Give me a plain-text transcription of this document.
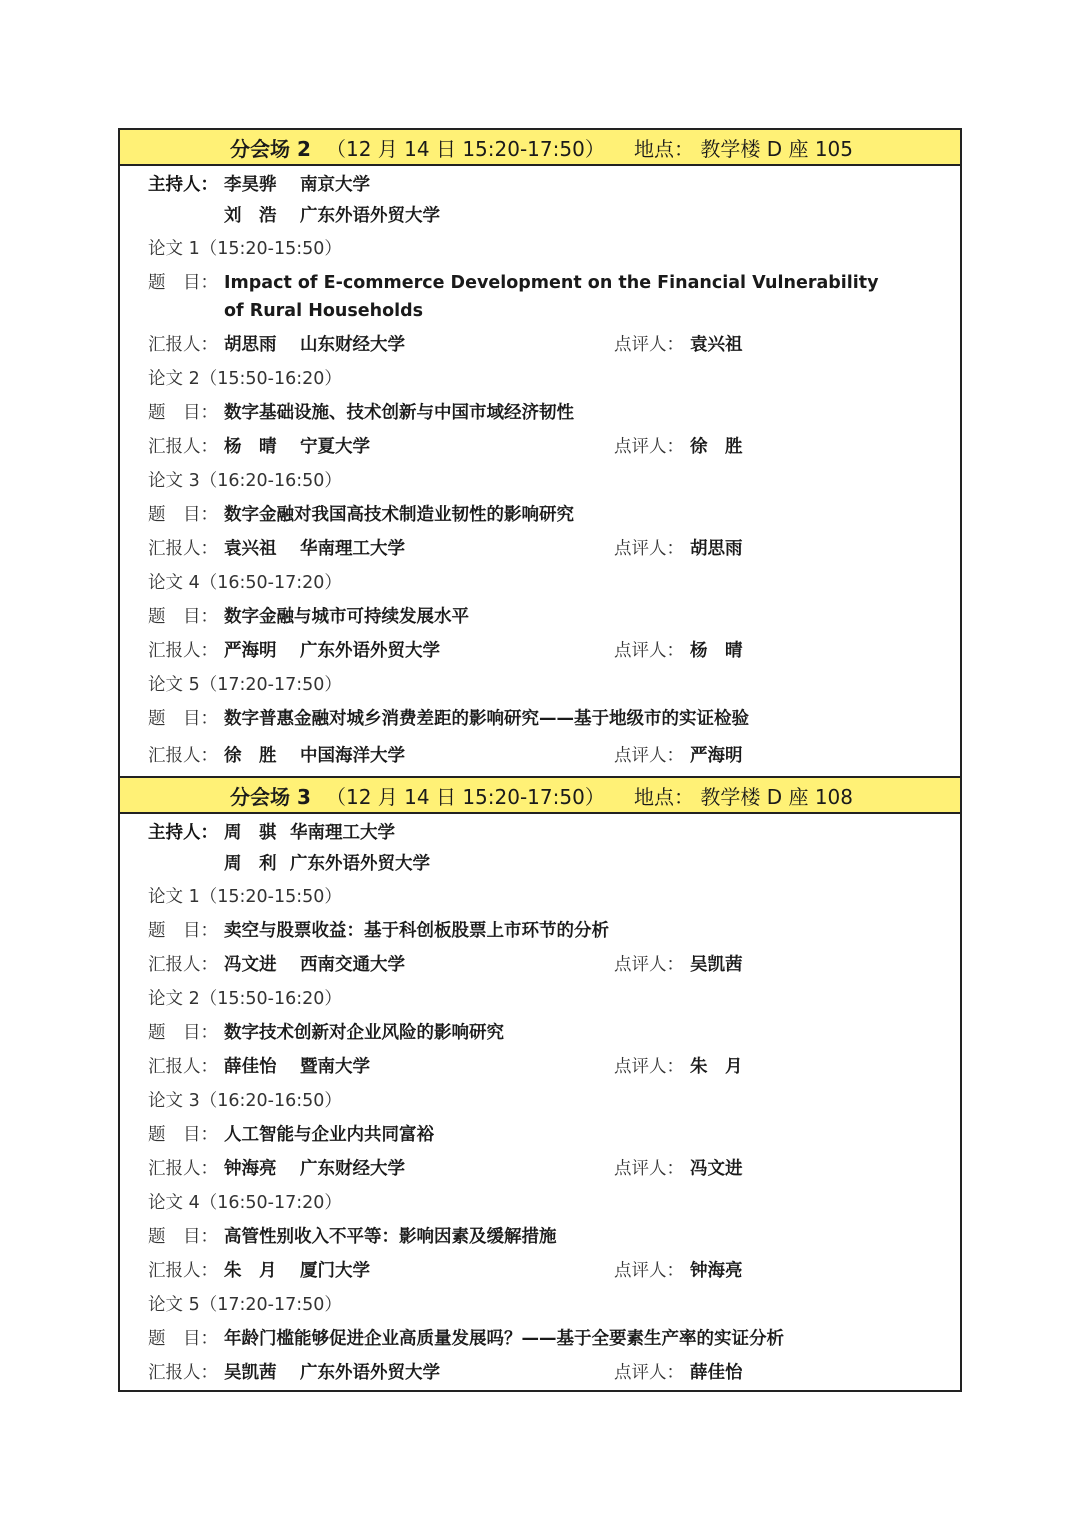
分会场 2 （12 月 14 日 15:20-17:50） 地点： 教学楼 D 座 105
主持人： 李昊骅 南京大学
刘　浩 广东外语外贸大学
论文 1（15:20-15:50）
题　目： Impact of E-commerce Development on the Financial Vulnerability of Rural Households
汇报人： 胡思雨 山东财经大学	点评人： 袁兴祖
论文 2（15:50-16:20）
题　目： 数字基础设施、技术创新与中国市域经济韧性
汇报人： 杨　晴 宁夏大学	点评人： 徐　胜
论文 3（16:20-16:50）
题　目： 数字金融对我国高技术制造业韧性的影响研究
汇报人： 袁兴祖 华南理工大学	点评人： 胡思雨
论文 4（16:50-17:20）
题　目： 数字金融与城市可持续发展水平
汇报人： 严海明 广东外语外贸大学	点评人： 杨　晴
论文 5（17:20-17:50）
题　目： 数字普惠金融对城乡消费差距的影响研究——基于地级市的实证检验
汇报人： 徐　胜 中国海洋大学	点评人： 严海明
分会场 3 （12 月 14 日 15:20-17:50） 地点： 教学楼 D 座 108
主持人： 周　骐 华南理工大学
周　利 广东外语外贸大学
论文 1（15:20-15:50）
题　目： 卖空与股票收益：基于科创板股票上市环节的分析
汇报人： 冯文进 西南交通大学	点评人： 吴凯茜
论文 2（15:50-16:20）
题　目： 数字技术创新对企业风险的影响研究
汇报人： 薛佳怡 暨南大学	点评人： 朱　月
论文 3（16:20-16:50）
题　目： 人工智能与企业内共同富裕
汇报人： 钟海亮 广东财经大学	点评人： 冯文进
论文 4（16:50-17:20）
题　目： 高管性别收入不平等：影响因素及缓解措施
汇报人： 朱　月 厦门大学	点评人： 钟海亮
论文 5（17:20-17:50）
题　目： 年龄门槛能够促进企业高质量发展吗？——基于全要素生产率的实证分析
汇报人： 吴凯茜 广东外语外贸大学	点评人： 薛佳怡
